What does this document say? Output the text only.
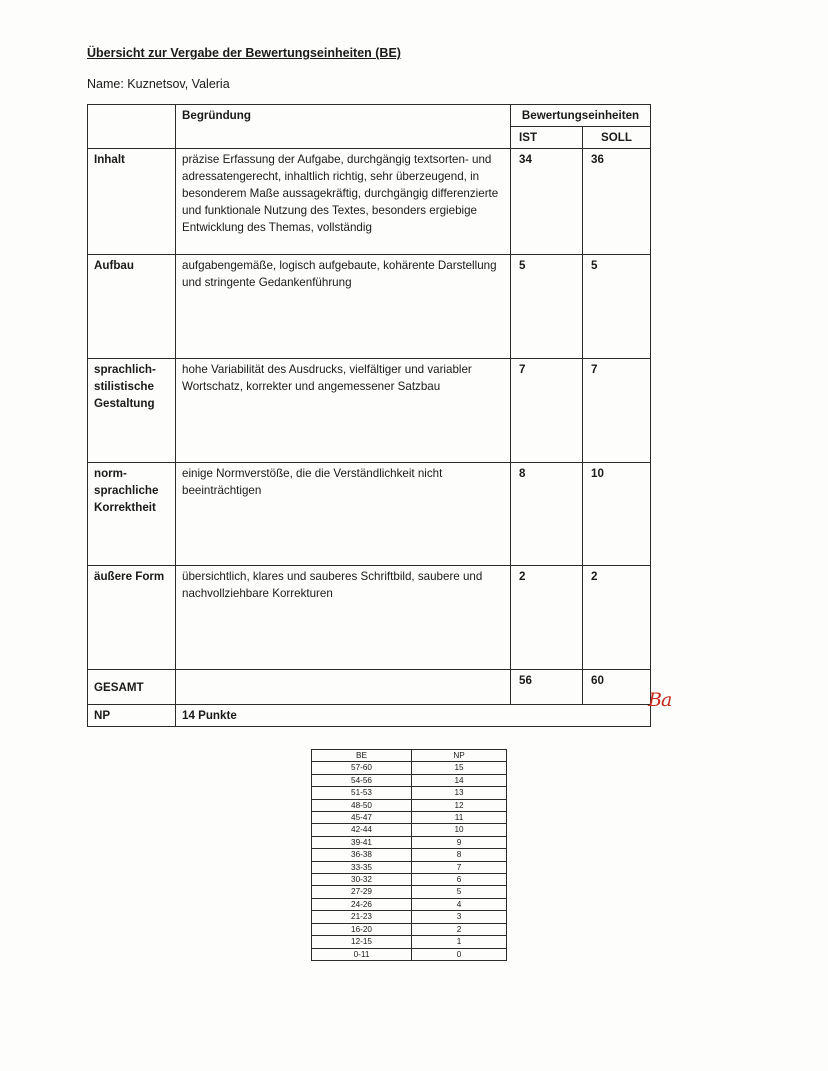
Übersicht zur Vergabe der Bewertungseinheiten (BE)
Name: Kuznetsov, Valeria
	Begründung	Bewertungseinheiten	
		IST	SOLL
Inhalt	präzise Erfassung der Aufgabe, durchgängig textsorten- und adressatengerecht, inhaltlich richtig, sehr überzeugend, in besonderem Maße aussagekräftig, durchgängig differenzierte und funktionale Nutzung des Textes, besonders ergiebige Entwicklung des Themas, vollständig	34	36
Aufbau	aufgabengemäße, logisch aufgebaute, kohärente Darstellung und stringente Gedankenführung	5	5
sprachlich-stilistische Gestaltung	hohe Variabilität des Ausdrucks, vielfältiger und variabler Wortschatz, korrekter und angemessener Satzbau	7	7
norm-sprachliche Korrektheit	einige Normverstöße, die die Verständlichkeit nicht beeinträchtigen	8	10
äußere Form	übersichtlich, klares und sauberes Schriftbild, saubere und nachvollziehbare Korrekturen	2	2
GESAMT		56	60
NP	14 Punkte		
Ba
BE	NP
57-60	15
54-56	14
51-53	13
48-50	12
45-47	11
42-44	10
39-41	9
36-38	8
33-35	7
30-32	6
27-29	5
24-26	4
21-23	3
16-20	2
12-15	1
0-11	0
